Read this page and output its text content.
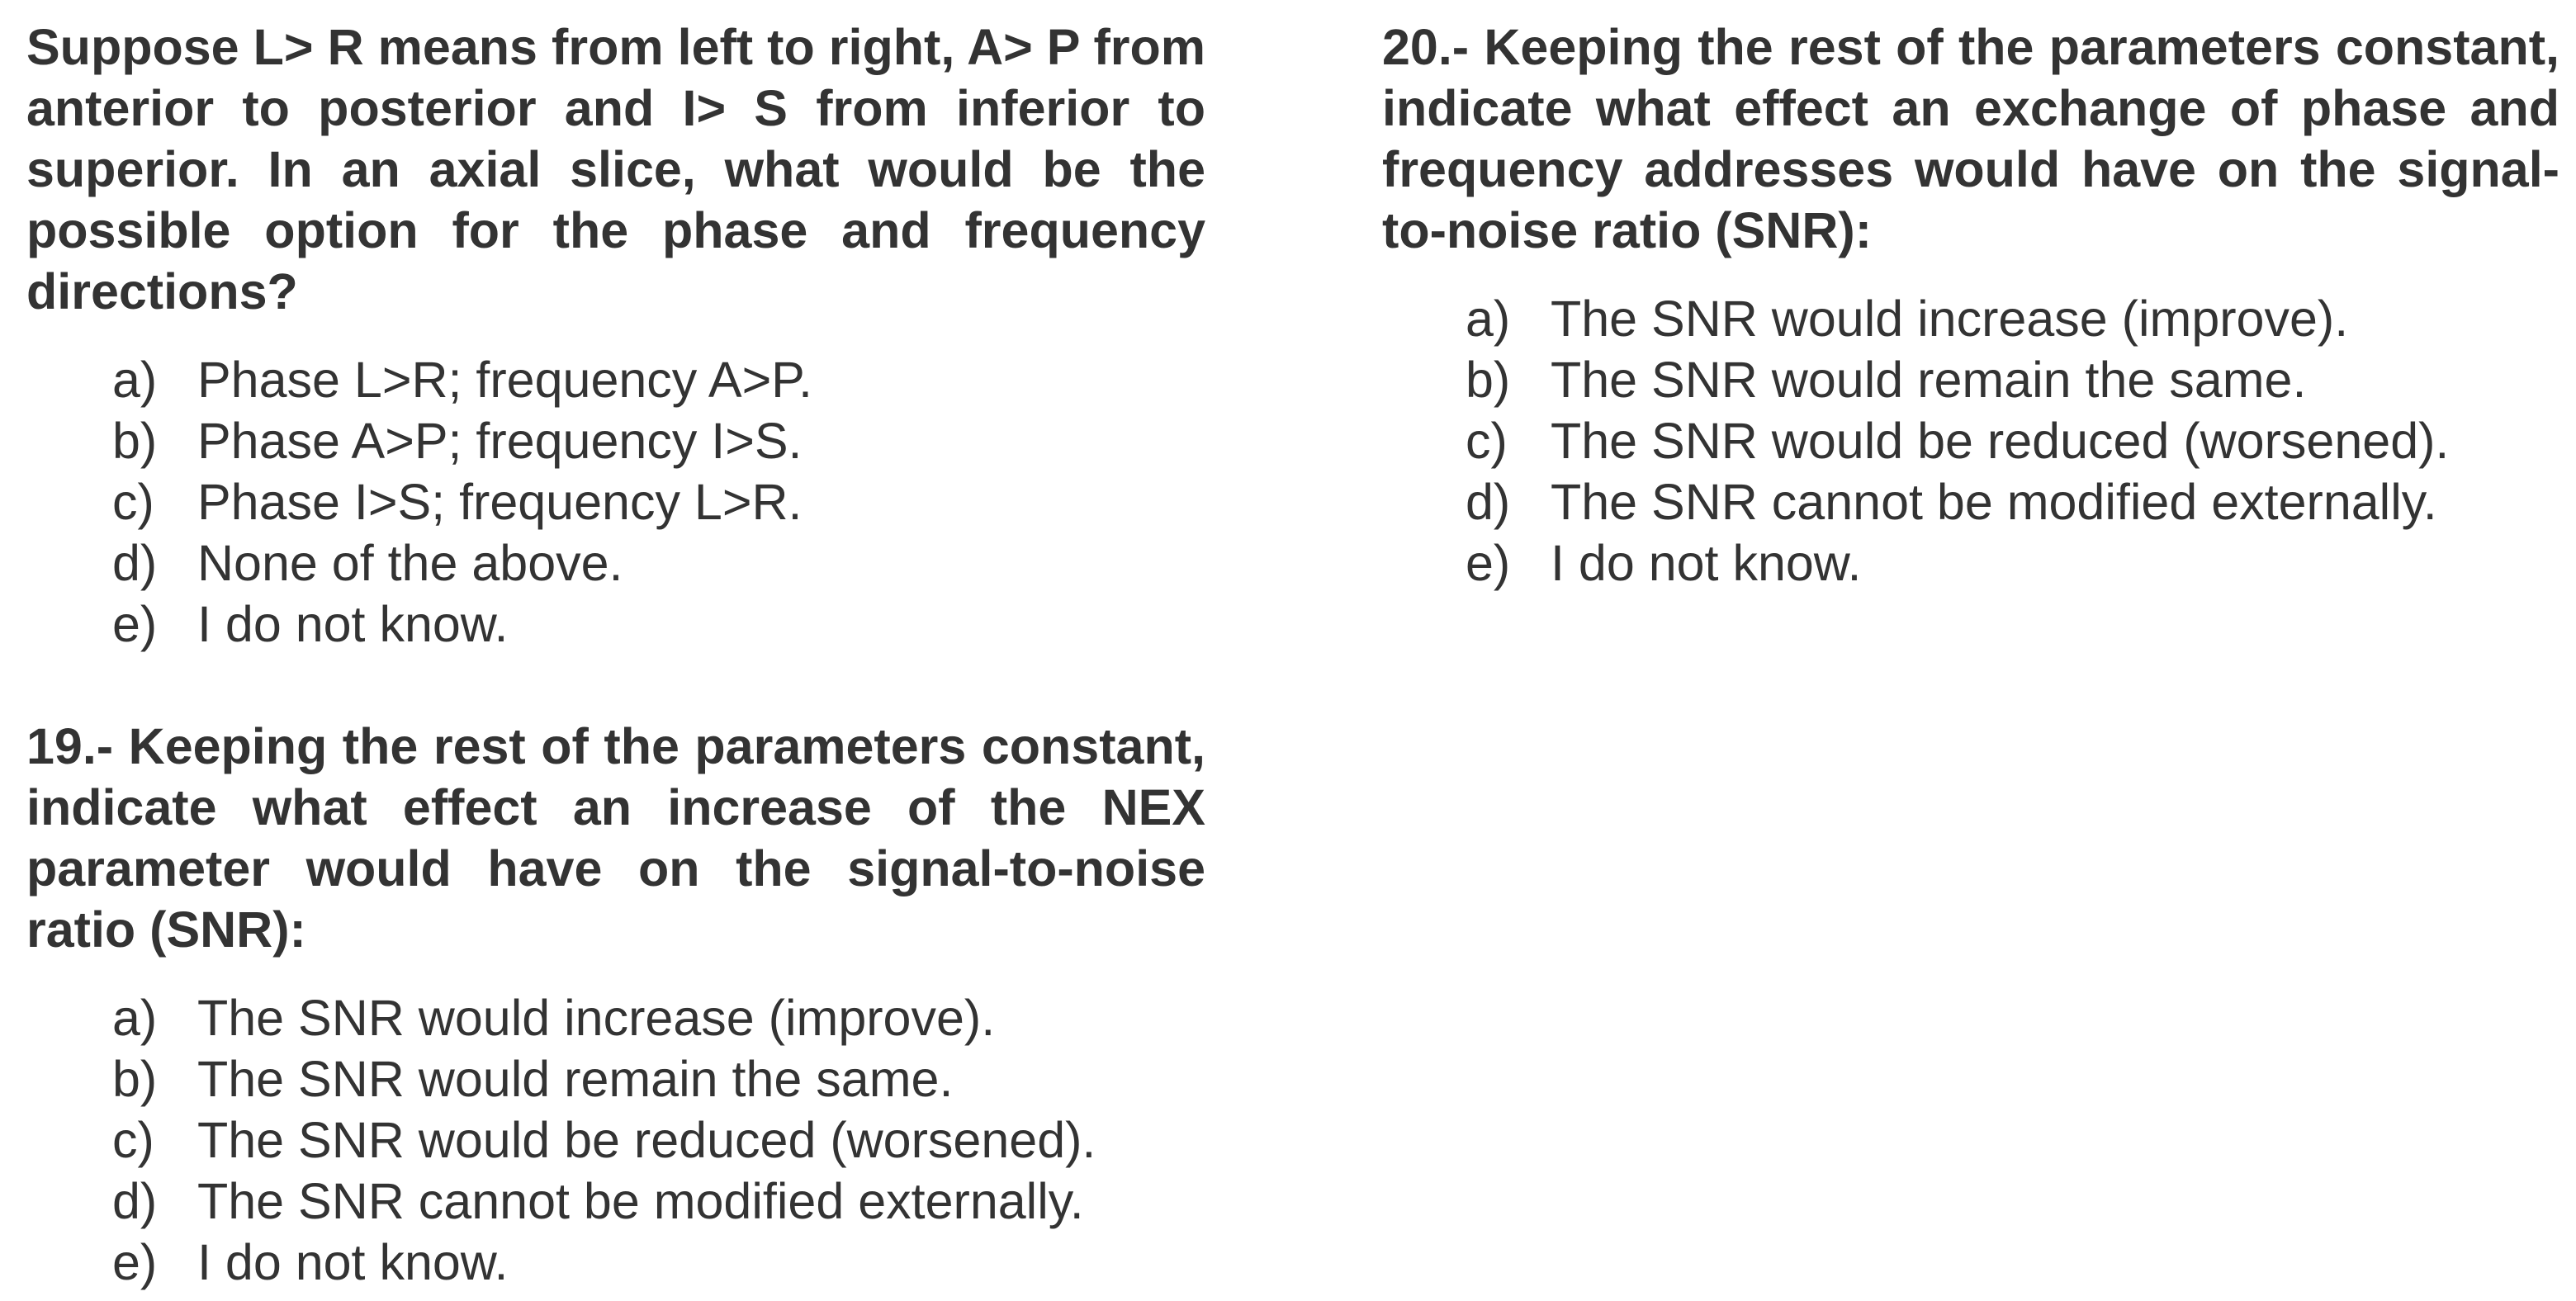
Suppose L> R means from left to right, A> P from anterior to posterior and I> S from inferior to superior. In an axial slice, what would be the possible option for the phase and frequency directions?

a) Phase L>R; frequency A>P.
b) Phase A>P; frequency I>S.
c) Phase I>S; frequency L>R.
d) None of the above.
e) I do not know.

19.- Keeping the rest of the parameters constant, indicate what effect an increase of the NEX parameter would have on the signal-to-noise ratio (SNR):

a) The SNR would increase (improve).
b) The SNR would remain the same.
c) The SNR would be reduced (worsened).
d) The SNR cannot be modified externally.
e) I do not know.

20.- Keeping the rest of the parameters constant, indicate what effect an exchange of phase and frequency addresses would have on the signal-to-noise ratio (SNR):

a) The SNR would increase (improve).
b) The SNR would remain the same.
c) The SNR would be reduced (worsened).
d) The SNR cannot be modified externally.
e) I do not know.
